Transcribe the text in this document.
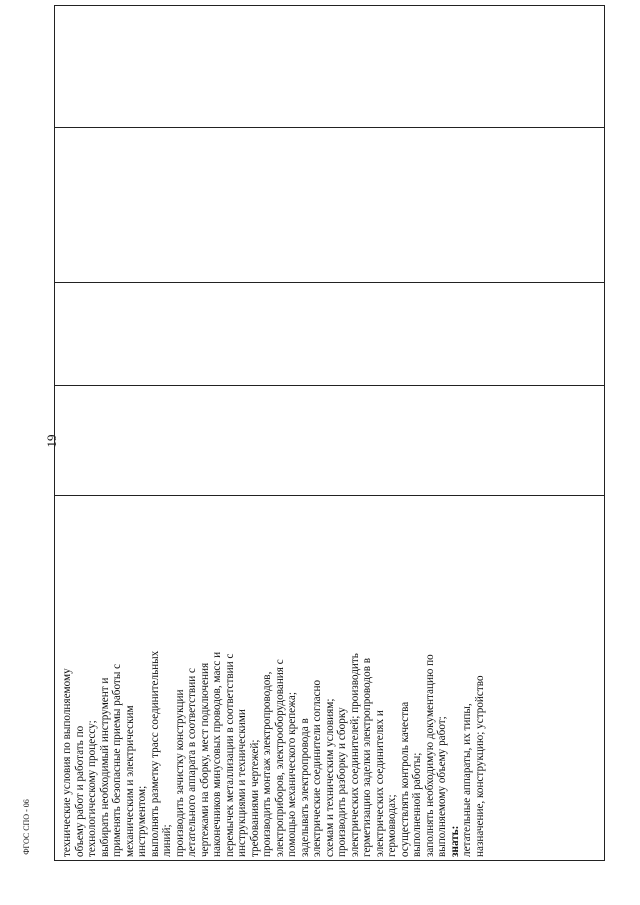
19
ФГОС СПО - 06	технические условия по выполняемому объему работ и работать по технологическому процессу; выбирать необходимый инструмент и применять безопасные приемы работы с механическим и электрическим инструментом; выполнять разметку трасс соединительных линий; производить зачистку конструкции летательного аппарата в соответствии с чертежами на сборку, мест подключения наконечников минусовых проводов, масс и перемычек металлизации в соответствии с инструкциями и техническими требованиями чертежей; производить монтаж электропроводов, электроприборов, электрооборудования с помощью механического крепежа; заделывать электропровода в электрические соединители согласно схемам и техническим условиям; производить разборку и сборку электрических соединителей; производить герметизацию заделки электропроводов в электрических соединителях и гермовводах; осуществлять контроль качества выполненной работы; заполнять необходимую документацию по выполняемому объему работ; знать: летательные аппараты, их типы, назначение, конструкцию; устройство
